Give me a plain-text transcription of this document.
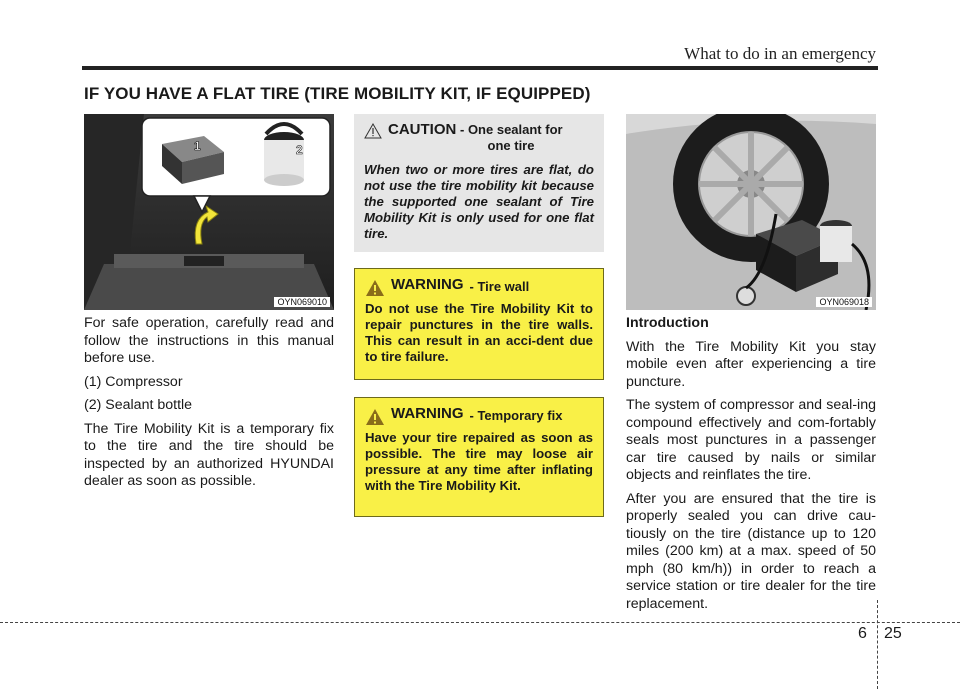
What to do in an emergency
IF YOU HAVE A FLAT TIRE (TIRE MOBILITY KIT, IF EQUIPPED)
1	2
OYN069010	OYN069018

For safe operation, carefully read and follow the instructions in this manual before use.

(1) Compressor

(2) Sealant bottle

The Tire Mobility Kit is a temporary fix to the tire and the tire should be inspected by an authorized HYUNDAI dealer as soon as possible.

CAUTION - One sealant for
one tire
When two or more tires are flat, do not use the tire mobility kit because the supported one sealant of Tire Mobility Kit is only used for one flat tire.
WARNING - Tire wall
Do not use the Tire Mobility Kit to repair punctures in the tire walls. This can result in an acci-dent due to tire failure.
WARNING - Temporary fix
Have your tire repaired as soon as possible. The tire may loose air pressure at any time after inflating with the Tire Mobility Kit.

Introduction

With the Tire Mobility Kit you stay mobile even after experiencing a tire puncture.

The system of compressor and seal-ing compound effectively and com-fortably seals most punctures in a passenger car tire caused by nails or similar objects and reinflates the tire.

After you are ensured that the tire is properly sealed you can drive cau-tiously on the tire (distance up to 120 miles (200 km) at a max. speed of 50 mph (80 km/h)) in order to reach a service station or tire dealer for the tire replacement.

6 25
